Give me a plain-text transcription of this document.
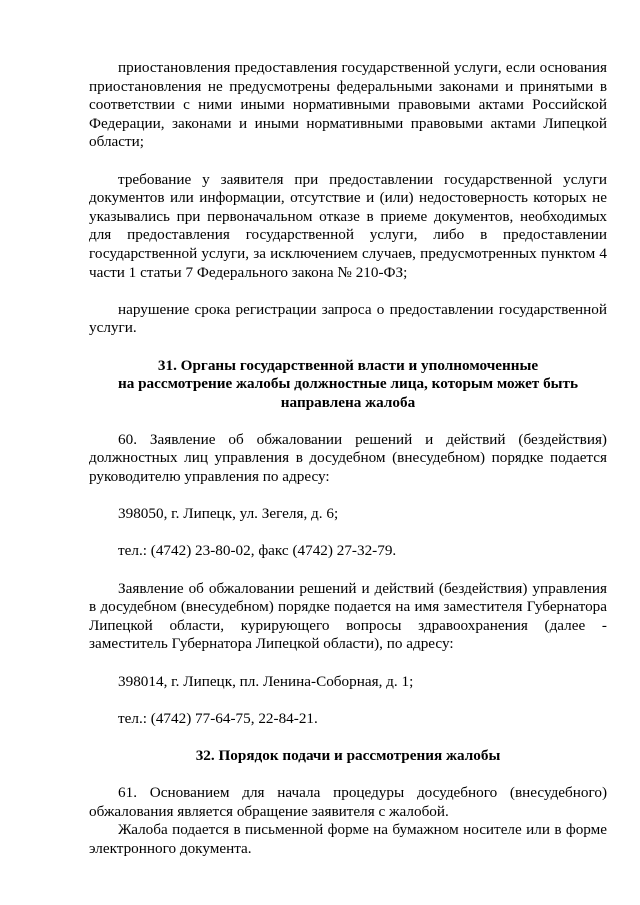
приостановления предоставления государственной услуги, если основания приостановления не предусмотрены федеральными законами и принятыми в соответствии с ними иными нормативными правовыми актами Российской Федерации, законами и иными нормативными правовыми актами Липецкой области;

требование у заявителя при предоставлении государственной услуги документов или информации, отсутствие и (или) недостоверность которых не указывались при первоначальном отказе в приеме документов, необходимых для предоставления государственной услуги, либо в предоставлении государственной услуги, за исключением случаев, предусмотренных пунктом 4 части 1 статьи 7 Федерального закона № 210-ФЗ;

нарушение срока регистрации запроса о предоставлении государственной услуги.

31. Органы государственной власти и уполномоченные
на рассмотрение жалобы должностные лица, которым может быть
направлена жалоба

60. Заявление об обжаловании решений и действий (бездействия) должностных лиц управления в досудебном (внесудебном) порядке подается руководителю управления по адресу:

398050, г. Липецк, ул. Зегеля, д. 6;

тел.: (4742) 23-80-02, факс (4742) 27-32-79.

Заявление об обжаловании решений и действий (бездействия) управления в досудебном (внесудебном) порядке подается на имя заместителя Губернатора Липецкой области, курирующего вопросы здравоохранения (далее - заместитель Губернатора Липецкой области), по адресу:

398014, г. Липецк, пл. Ленина-Соборная, д. 1;

тел.: (4742) 77-64-75, 22-84-21.

32. Порядок подачи и рассмотрения жалобы

61. Основанием для начала процедуры досудебного (внесудебного) обжалования является обращение заявителя с жалобой.

Жалоба подается в письменной форме на бумажном носителе или в форме электронного документа.
